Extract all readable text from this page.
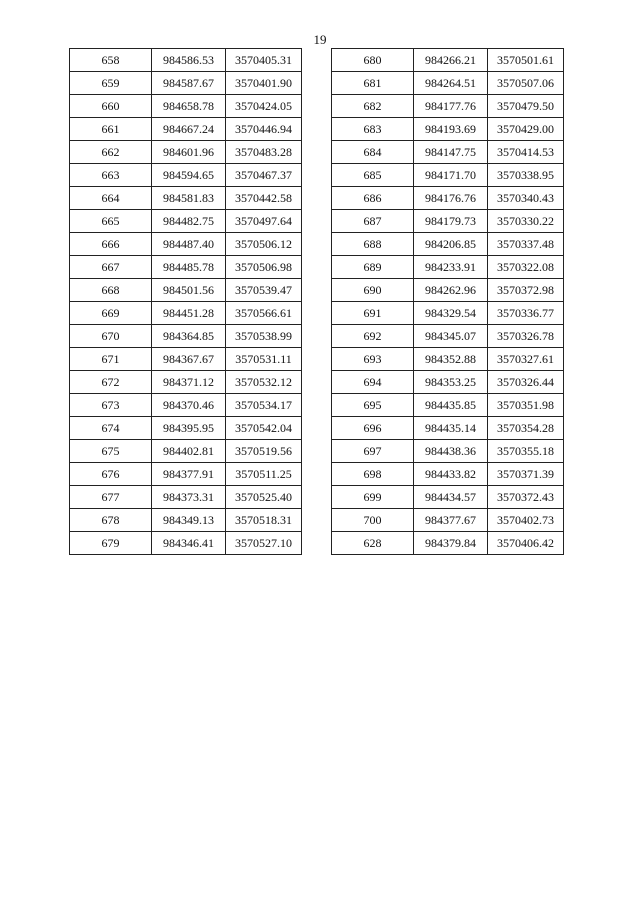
19
658	984586.53	3570405.31
659	984587.67	3570401.90
660	984658.78	3570424.05
661	984667.24	3570446.94
662	984601.96	3570483.28
663	984594.65	3570467.37
664	984581.83	3570442.58
665	984482.75	3570497.64
666	984487.40	3570506.12
667	984485.78	3570506.98
668	984501.56	3570539.47
669	984451.28	3570566.61
670	984364.85	3570538.99
671	984367.67	3570531.11
672	984371.12	3570532.12
673	984370.46	3570534.17
674	984395.95	3570542.04
675	984402.81	3570519.56
676	984377.91	3570511.25
677	984373.31	3570525.40
678	984349.13	3570518.31
679	984346.41	3570527.10
680	984266.21	3570501.61
681	984264.51	3570507.06
682	984177.76	3570479.50
683	984193.69	3570429.00
684	984147.75	3570414.53
685	984171.70	3570338.95
686	984176.76	3570340.43
687	984179.73	3570330.22
688	984206.85	3570337.48
689	984233.91	3570322.08
690	984262.96	3570372.98
691	984329.54	3570336.77
692	984345.07	3570326.78
693	984352.88	3570327.61
694	984353.25	3570326.44
695	984435.85	3570351.98
696	984435.14	3570354.28
697	984438.36	3570355.18
698	984433.82	3570371.39
699	984434.57	3570372.43
700	984377.67	3570402.73
628	984379.84	3570406.42
